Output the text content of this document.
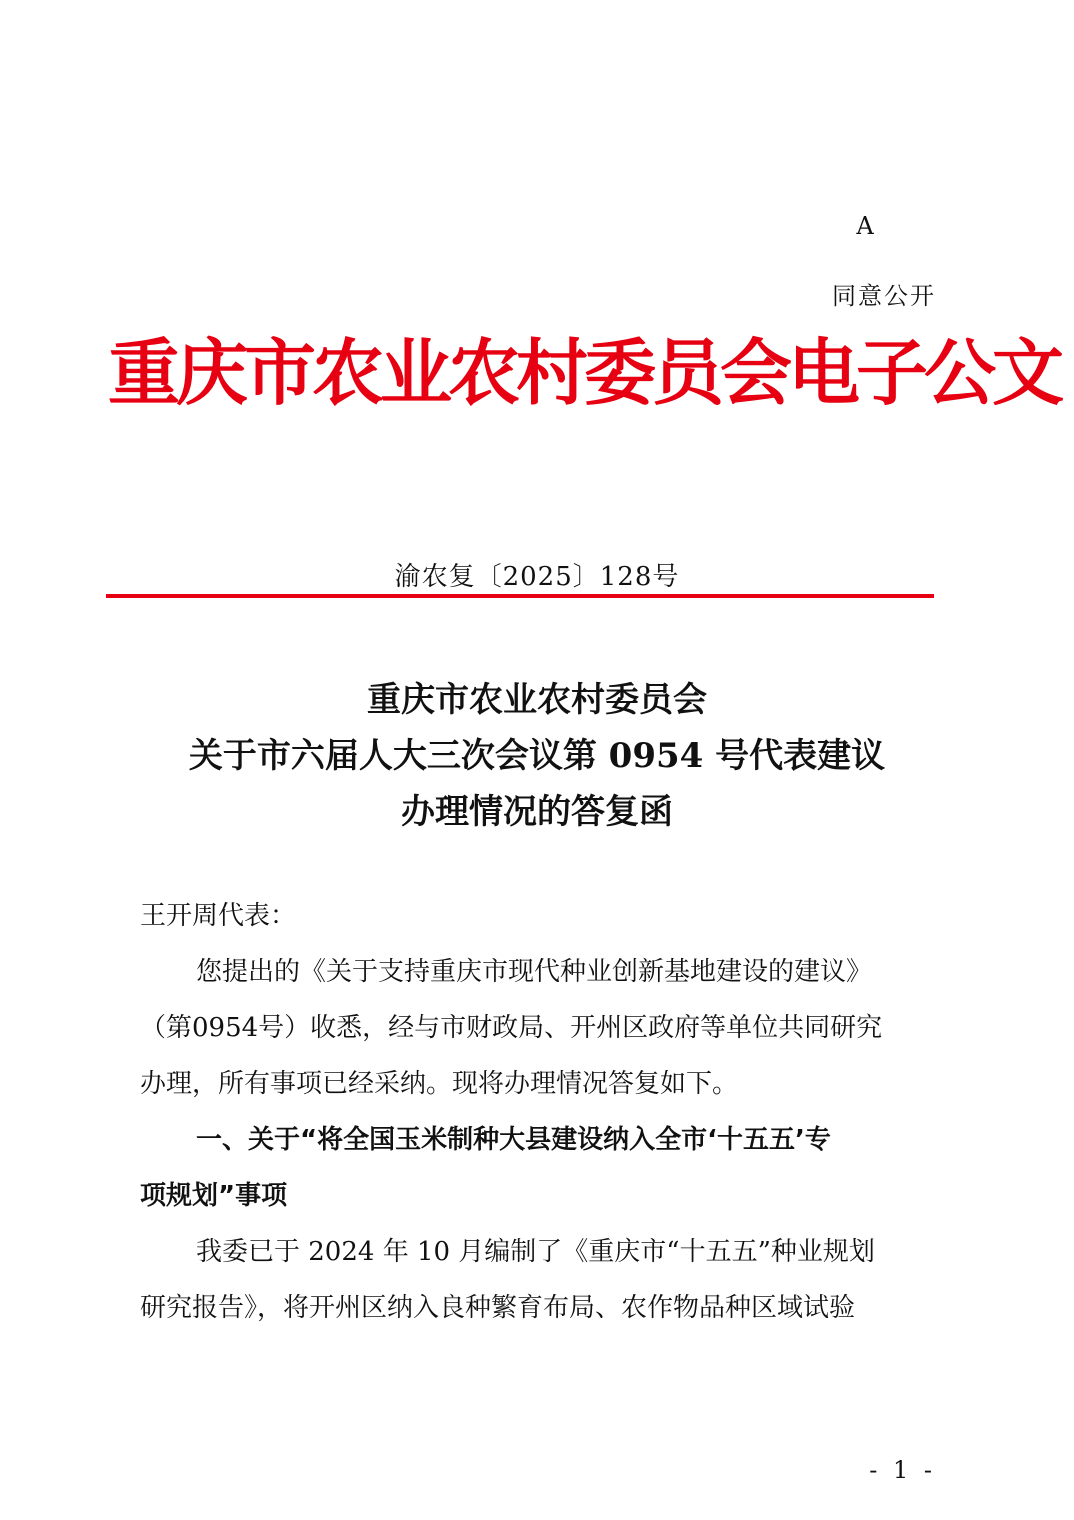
A
同意公开
重庆市农业农村委员会电子公文
渝农复〔2025〕128号
重庆市农业农村委员会
关于市六届人大三次会议第 0954 号代表建议
办理情况的答复函
王开周代表：
您提出的《关于支持重庆市现代种业创新基地建设的建议》
（第0954号）收悉，经与市财政局、开州区政府等单位共同研究
办理，所有事项已经采纳。现将办理情况答复如下。
一、关于“将全国玉米制种大县建设纳入全市‘十五五’专
项规划”事项
我委已于 2024 年 10 月编制了《重庆市“十五五”种业规划
研究报告》，将开州区纳入良种繁育布局、农作物品种区域试验
- 1 -
